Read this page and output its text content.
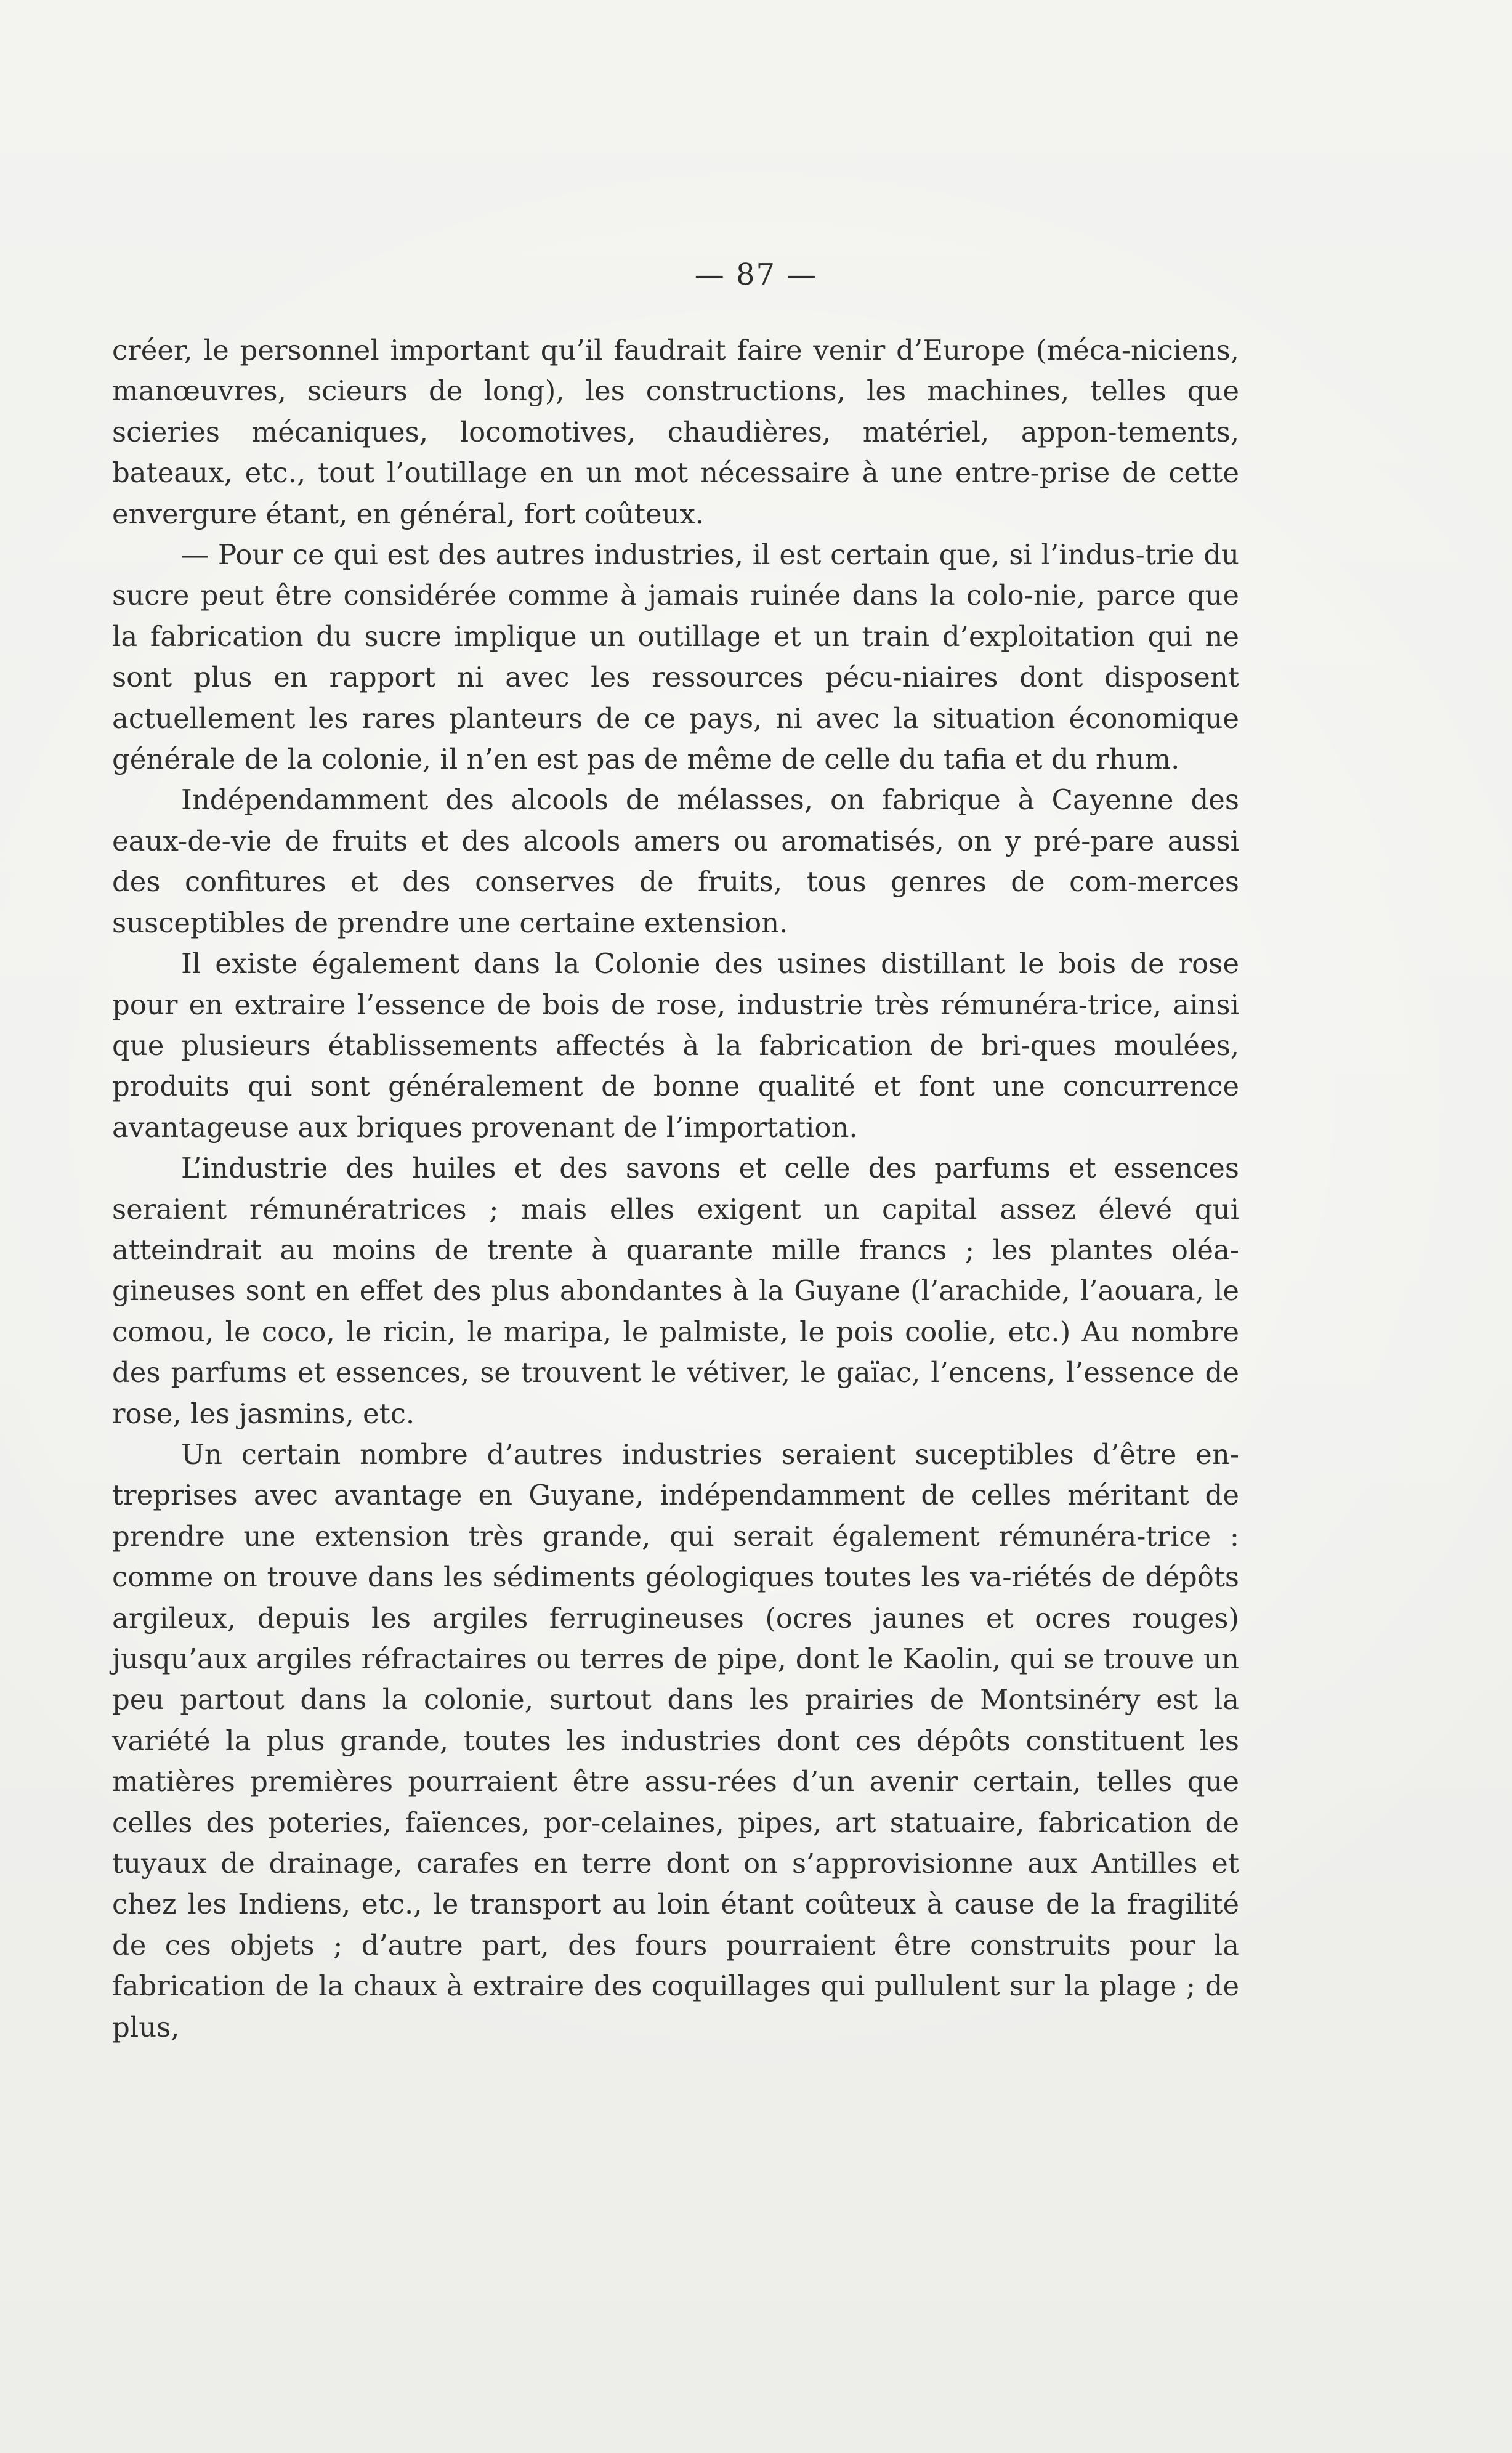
— 87 —

créer, le personnel important qu’il faudrait faire venir d’Europe (méca-niciens, manœuvres, scieurs de long), les constructions, les machines, telles que scieries mécaniques, locomotives, chaudières, matériel, appon-tements, bateaux, etc., tout l’outillage en un mot nécessaire à une entre-prise de cette envergure étant, en général, fort coûteux.

— Pour ce qui est des autres industries, il est certain que, si l’indus-trie du sucre peut être considérée comme à jamais ruinée dans la colo-nie, parce que la fabrication du sucre implique un outillage et un train d’exploitation qui ne sont plus en rapport ni avec les ressources pécu-niaires dont disposent actuellement les rares planteurs de ce pays, ni avec la situation économique générale de la colonie, il n’en est pas de même de celle du tafia et du rhum.

Indépendamment des alcools de mélasses, on fabrique à Cayenne des eaux-de-vie de fruits et des alcools amers ou aromatisés, on y pré-pare aussi des confitures et des conserves de fruits, tous genres de com-merces susceptibles de prendre une certaine extension.

Il existe également dans la Colonie des usines distillant le bois de rose pour en extraire l’essence de bois de rose, industrie très rémunéra-trice, ainsi que plusieurs établissements affectés à la fabrication de bri-ques moulées, produits qui sont généralement de bonne qualité et font une concurrence avantageuse aux briques provenant de l’importation.

L’industrie des huiles et des savons et celle des parfums et essences seraient rémunératrices ; mais elles exigent un capital assez élevé qui atteindrait au moins de trente à quarante mille francs ; les plantes oléa-gineuses sont en effet des plus abondantes à la Guyane (l’arachide, l’aouara, le comou, le coco, le ricin, le maripa, le palmiste, le pois coolie, etc.) Au nombre des parfums et essences, se trouvent le vétiver, le gaïac, l’encens, l’essence de rose, les jasmins, etc.

Un certain nombre d’autres industries seraient suceptibles d’être en-treprises avec avantage en Guyane, indépendamment de celles méritant de prendre une extension très grande, qui serait également rémunéra-trice : comme on trouve dans les sédiments géologiques toutes les va-riétés de dépôts argileux, depuis les argiles ferrugineuses (ocres jaunes et ocres rouges) jusqu’aux argiles réfractaires ou terres de pipe, dont le Kaolin, qui se trouve un peu partout dans la colonie, surtout dans les prairies de Montsinéry est la variété la plus grande, toutes les industries dont ces dépôts constituent les matières premières pourraient être assu-rées d’un avenir certain, telles que celles des poteries, faïences, por-celaines, pipes, art statuaire, fabrication de tuyaux de drainage, carafes en terre dont on s’approvisionne aux Antilles et chez les Indiens, etc., le transport au loin étant coûteux à cause de la fragilité de ces objets ; d’autre part, des fours pourraient être construits pour la fabrication de la chaux à extraire des coquillages qui pullulent sur la plage ; de plus,
